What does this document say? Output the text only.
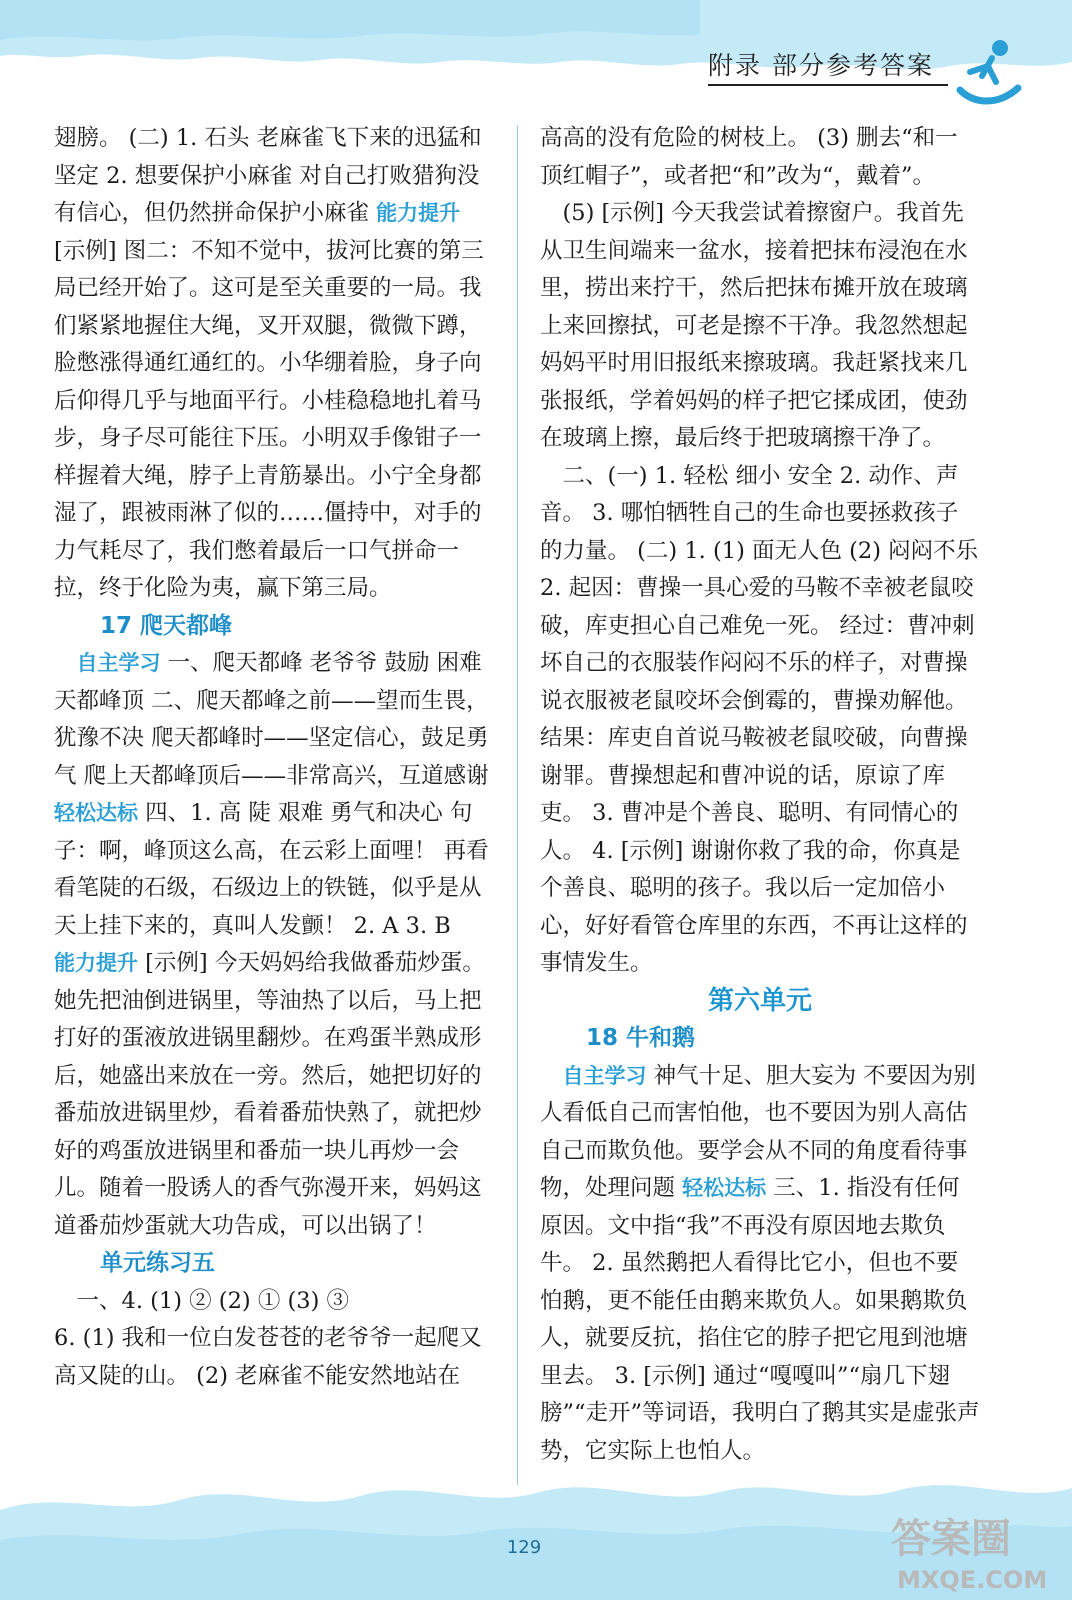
附录 部分参考答案

翅膀。 (二) 1. 石头 老麻雀飞下来的迅猛和坚定 2. 想要保护小麻雀 对自己打败猎狗没有信心，但仍然拼命保护小麻雀 能力提升 [示例] 图二：不知不觉中，拔河比赛的第三局已经开始了。这可是至关重要的一局。我们紧紧地握住大绳，叉开双腿，微微下蹲，脸憋涨得通红通红的。小华绷着脸，身子向后仰得几乎与地面平行。小桂稳稳地扎着马步，身子尽可能往下压。小明双手像钳子一样握着大绳，脖子上青筋暴出。小宁全身都湿了，跟被雨淋了似的……僵持中，对手的力气耗尽了，我们憋着最后一口气拼命一拉，终于化险为夷，赢下第三局。

17 爬天都峰

自主学习 一、爬天都峰 老爷爷 鼓励 困难 天都峰顶 二、爬天都峰之前——望而生畏，犹豫不决 爬天都峰时——坚定信心，鼓足勇气 爬上天都峰顶后——非常高兴，互道感谢 轻松达标 四、1. 高 陡 艰难 勇气和决心 句子：啊，峰顶这么高，在云彩上面哩！ 再看看笔陡的石级，石级边上的铁链，似乎是从天上挂下来的，真叫人发颤！ 2. A 3. B

能力提升 [示例] 今天妈妈给我做番茄炒蛋。她先把油倒进锅里，等油热了以后，马上把打好的蛋液放进锅里翻炒。在鸡蛋半熟成形后，她盛出来放在一旁。然后，她把切好的番茄放进锅里炒，看着番茄快熟了，就把炒好的鸡蛋放进锅里和番茄一块儿再炒一会儿。随着一股诱人的香气弥漫开来，妈妈这道番茄炒蛋就大功告成，可以出锅了！

单元练习五

一、4. (1) ② (2) ① (3) ③

6. (1) 我和一位白发苍苍的老爷爷一起爬又高又陡的山。 (2) 老麻雀不能安然地站在

高高的没有危险的树枝上。 (3) 删去“和一顶红帽子”，或者把“和”改为“，戴着”。

(5) [示例] 今天我尝试着擦窗户。我首先从卫生间端来一盆水，接着把抹布浸泡在水里，捞出来拧干，然后把抹布摊开放在玻璃上来回擦拭，可老是擦不干净。我忽然想起妈妈平时用旧报纸来擦玻璃。我赶紧找来几张报纸，学着妈妈的样子把它揉成团，使劲在玻璃上擦，最后终于把玻璃擦干净了。

二、(一) 1. 轻松 细小 安全 2. 动作、声音。 3. 哪怕牺牲自己的生命也要拯救孩子的力量。 (二) 1. (1) 面无人色 (2) 闷闷不乐 2. 起因：曹操一具心爱的马鞍不幸被老鼠咬破，库吏担心自己难免一死。 经过：曹冲刺坏自己的衣服装作闷闷不乐的样子，对曹操说衣服被老鼠咬坏会倒霉的，曹操劝解他。 结果：库吏自首说马鞍被老鼠咬破，向曹操谢罪。曹操想起和曹冲说的话，原谅了库吏。 3. 曹冲是个善良、聪明、有同情心的人。 4. [示例] 谢谢你救了我的命，你真是个善良、聪明的孩子。我以后一定加倍小心，好好看管仓库里的东西，不再让这样的事情发生。

第六单元

18 牛和鹅

自主学习 神气十足、胆大妄为 不要因为别人看低自己而害怕他，也不要因为别人高估自己而欺负他。要学会从不同的角度看待事物，处理问题 轻松达标 三、1. 指没有任何原因。文中指“我”不再没有原因地去欺负牛。 2. 虽然鹅把人看得比它小，但也不要怕鹅，更不能任由鹅来欺负人。如果鹅欺负人，就要反抗，掐住它的脖子把它甩到池塘里去。 3. [示例] 通过“嘎嘎叫”“扇几下翅膀”“走开”等词语，我明白了鹅其实是虚张声势，它实际上也怕人。

129	答案圈
MXQE.COM
